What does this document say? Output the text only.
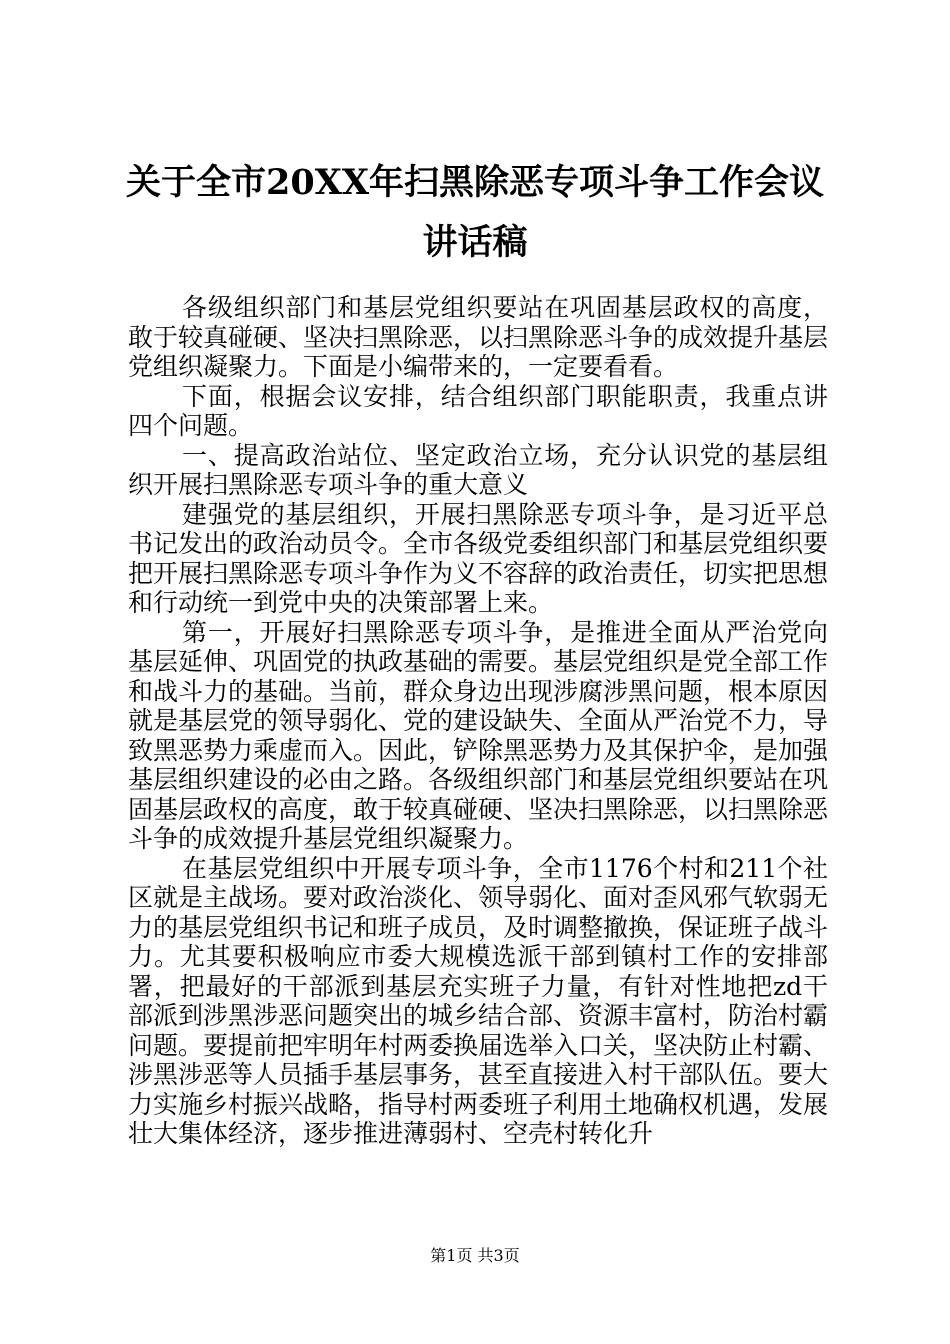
关于全市20XX年扫黑除恶专项斗争工作会议
讲话稿

各级组织部门和基层党组织要站在巩固基层政权的高度，敢于较真碰硬、坚决扫黑除恶，以扫黑除恶斗争的成效提升基层党组织凝聚力。下面是小编带来的，一定要看看。

下面，根据会议安排，结合组织部门职能职责，我重点讲四个问题。

一、提高政治站位、坚定政治立场，充分认识党的基层组织开展扫黑除恶专项斗争的重大意义

建强党的基层组织，开展扫黑除恶专项斗争，是习近平总书记发出的政治动员令。全市各级党委组织部门和基层党组织要把开展扫黑除恶专项斗争作为义不容辞的政治责任，切实把思想和行动统一到党中央的决策部署上来。

第一，开展好扫黑除恶专项斗争，是推进全面从严治党向基层延伸、巩固党的执政基础的需要。基层党组织是党全部工作和战斗力的基础。当前，群众身边出现涉腐涉黑问题，根本原因就是基层党的领导弱化、党的建设缺失、全面从严治党不力，导致黑恶势力乘虚而入。因此，铲除黑恶势力及其保护伞，是加强基层组织建设的必由之路。各级组织部门和基层党组织要站在巩固基层政权的高度，敢于较真碰硬、坚决扫黑除恶，以扫黑除恶斗争的成效提升基层党组织凝聚力。

在基层党组织中开展专项斗争，全市1176个村和211个社区就是主战场。要对政治淡化、领导弱化、面对歪风邪气软弱无力的基层党组织书记和班子成员，及时调整撤换，保证班子战斗力。尤其要积极响应市委大规模选派干部到镇村工作的安排部署，把最好的干部派到基层充实班子力量，有针对性地把zd干部派到涉黑涉恶问题突出的城乡结合部、资源丰富村，防治村霸问题。要提前把牢明年村两委换届选举入口关，坚决防止村霸、涉黑涉恶等人员插手基层事务，甚至直接进入村干部队伍。要大力实施乡村振兴战略，指导村两委班子利用土地确权机遇，发展壮大集体经济，逐步推进薄弱村、空壳村转化升

第1页 共3页
